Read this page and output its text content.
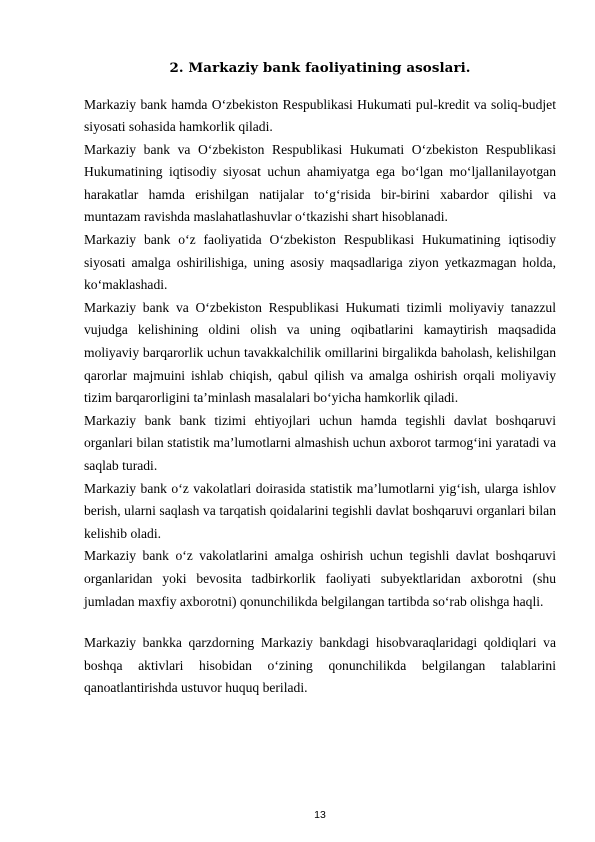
2. Markaziy bank faoliyatining asoslari.

Markaziy bank hamda O‘zbekiston Respublikasi Hukumati pul-kredit va soliq-budjet siyosati sohasida hamkorlik qiladi.

Markaziy bank va O‘zbekiston Respublikasi Hukumati O‘zbekiston Respublikasi Hukumatining iqtisodiy siyosat uchun ahamiyatga ega bo‘lgan mo‘ljallanilayotgan harakatlar hamda erishilgan natijalar to‘g‘risida bir-birini xabardor qilishi va muntazam ravishda maslahatlashuvlar o‘tkazishi shart hisoblanadi.

Markaziy bank o‘z faoliyatida O‘zbekiston Respublikasi Hukumatining iqtisodiy siyosati amalga oshirilishiga, uning asosiy maqsadlariga ziyon yetkazmagan holda, ko‘maklashadi.

Markaziy bank va O‘zbekiston Respublikasi Hukumati tizimli moliyaviy tanazzul vujudga kelishining oldini olish va uning oqibatlarini kamaytirish maqsadida moliyaviy barqarorlik uchun tavakkalchilik omillarini birgalikda baholash, kelishilgan qarorlar majmuini ishlab chiqish, qabul qilish va amalga oshirish orqali moliyaviy tizim barqarorligini ta’minlash masalalari bo‘yicha hamkorlik qiladi.

Markaziy bank bank tizimi ehtiyojlari uchun hamda tegishli davlat boshqaruvi organlari bilan statistik ma’lumotlarni almashish uchun axborot tarmog‘ini yaratadi va saqlab turadi.

Markaziy bank o‘z vakolatlari doirasida statistik ma’lumotlarni yig‘ish, ularga ishlov berish, ularni saqlash va tarqatish qoidalarini tegishli davlat boshqaruvi organlari bilan kelishib oladi.

Markaziy bank o‘z vakolatlarini amalga oshirish uchun tegishli davlat boshqaruvi organlaridan yoki bevosita tadbirkorlik faoliyati subyektlaridan axborotni (shu jumladan maxfiy axborotni) qonunchilikda belgilangan tartibda so‘rab olishga haqli.

Markaziy bankka qarzdorning Markaziy bankdagi hisobvaraqlaridagi qoldiqlari va boshqa aktivlari hisobidan o‘zining qonunchilikda belgilangan talablarini qanoatlantirishda ustuvor huquq beriladi.

13
